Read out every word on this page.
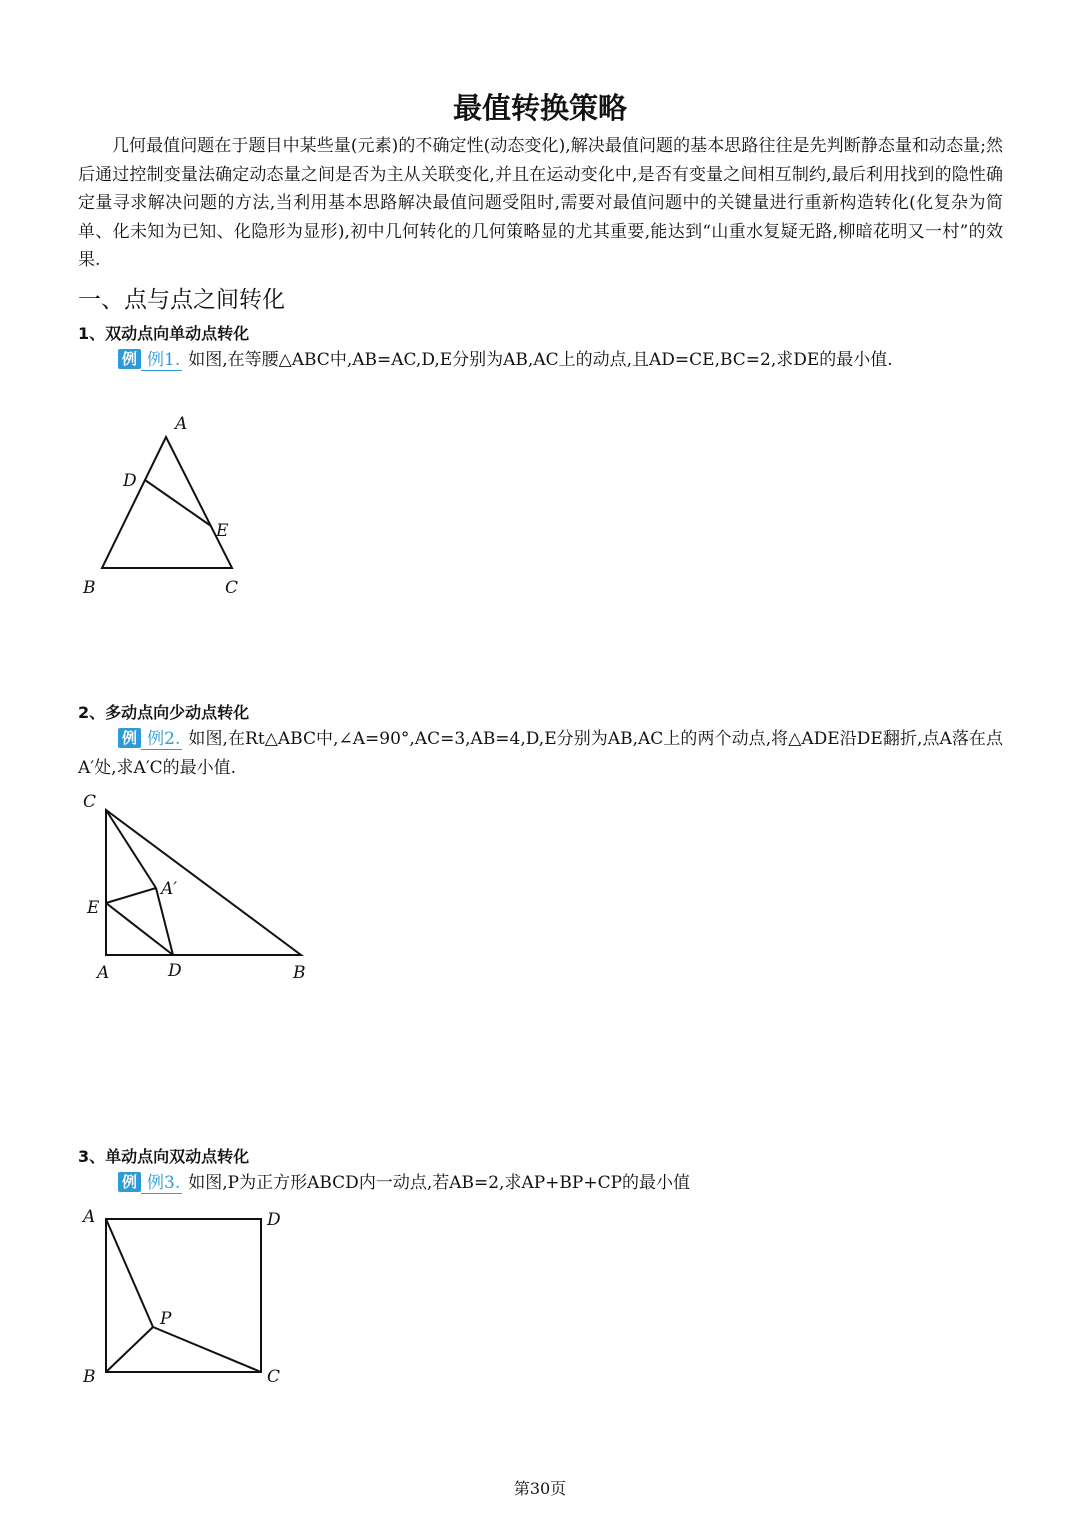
最值转换策略

几何最值问题在于题目中某些量(元素)的不确定性(动态变化),解决最值问题的基本思路往往是先判断静态量和动态量;然后通过控制变量法确定动态量之间是否为主从关联变化,并且在运动变化中,是否有变量之间相互制约,最后利用找到的隐性确定量寻求解决问题的方法,当利用基本思路解决最值问题受阻时,需要对最值问题中的关键量进行重新构造转化(化复杂为简单、化未知为已知、化隐形为显形),初中几何转化的几何策略显的尤其重要,能达到“山重水复疑无路,柳暗花明又一村”的效果.

一、点与点之间转化
1、双动点向单动点转化

例 例1. 如图,在等腰△ABC中,AB=AC,D,E分别为AB,AC上的动点,且AD=CE,BC=2,求DE的最小值.

A
D
E
B	C
2、多动点向少动点转化

例 例2. 如图,在Rt△ABC中,∠A=90°,AC=3,AB=4,D,E分别为AB,AC上的两个动点,将△ADE沿DE翻折,点A落在点A′处,求A′C的最小值.

C
A′
E
A	D	B
3、单动点向双动点转化

例 例3. 如图,P为正方形ABCD内一动点,若AB=2,求AP+BP+CP的最小值

A	D
P
B	C
第30页
